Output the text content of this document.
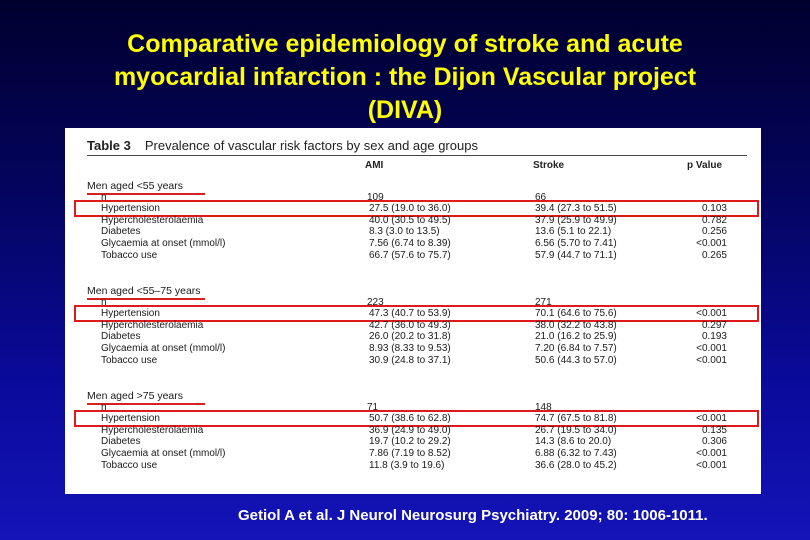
Comparative epidemiology of stroke and acute
myocardial infarction : the Dijon Vascular project
(DIVA)
Table 3 Prevalence of vascular risk factors by sex and age groups
AMI	Stroke	p Value
Men aged <55 years
n	109	66
Hypertension	27.5 (19.0 to 36.0)	39.4 (27.3 to 51.5)	0.103
Hypercholesterolaemia	40.0 (30.5 to 49.5)	37.9 (25.9 to 49.9)	0.782
Diabetes	8.3 (3.0 to 13.5)	13.6 (5.1 to 22.1)	0.256
Glycaemia at onset (mmol/l)	7.56 (6.74 to 8.39)	6.56 (5.70 to 7.41)	<0.001
Tobacco use	66.7 (57.6 to 75.7)	57.9 (44.7 to 71.1)	0.265
Men aged <55–75 years
n	223	271
Hypertension	47.3 (40.7 to 53.9)	70.1 (64.6 to 75.6)	<0.001
Hypercholesterolaemia	42.7 (36.0 to 49.3)	38.0 (32.2 to 43.8)	0.297
Diabetes	26.0 (20.2 to 31.8)	21.0 (16.2 to 25.9)	0.193
Glycaemia at onset (mmol/l)	8.93 (8.33 to 9.53)	7.20 (6.84 to 7.57)	<0.001
Tobacco use	30.9 (24.8 to 37.1)	50.6 (44.3 to 57.0)	<0.001
Men aged >75 years
n	71	148
Hypertension	50.7 (38.6 to 62.8)	74.7 (67.5 to 81.8)	<0.001
Hypercholesterolaemia	36.9 (24.9 to 49.0)	26.7 (19.5 to 34.0)	0.135
Diabetes	19.7 (10.2 to 29.2)	14.3 (8.6 to 20.0)	0.306
Glycaemia at onset (mmol/l)	7.86 (7.19 to 8.52)	6.88 (6.32 to 7.43)	<0.001
Tobacco use	11.8 (3.9 to 19.6)	36.6 (28.0 to 45.2)	<0.001
Getiol A et al. J Neurol Neurosurg Psychiatry. 2009; 80: 1006-1011.
